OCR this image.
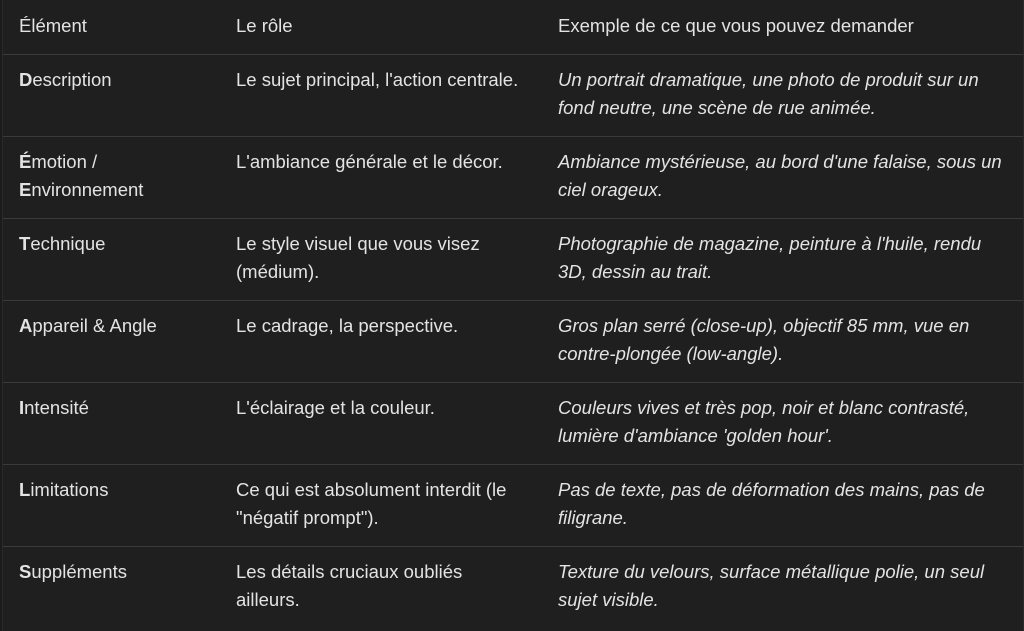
Élément	Le rôle	Exemple de ce que vous pouvez demander

Description	Le sujet principal, l'action centrale.	Un portrait dramatique, une photo de produit sur un fond neutre, une scène de rue animée.

Émotion /
Environnement	L'ambiance générale et le décor.	Ambiance mystérieuse, au bord d'une falaise, sous un ciel orageux.

Technique	Le style visuel que vous visez (médium).	Photographie de magazine, peinture à l'huile, rendu 3D, dessin au trait.

Appareil & Angle	Le cadrage, la perspective.	Gros plan serré (close-up), objectif 85 mm, vue en contre-plongée (low-angle).

Intensité	L'éclairage et la couleur.	Couleurs vives et très pop, noir et blanc contrasté, lumière d'ambiance 'golden hour'.

Limitations	Ce qui est absolument interdit (le "négatif prompt").	Pas de texte, pas de déformation des mains, pas de filigrane.

Suppléments	Les détails cruciaux oubliés ailleurs.	Texture du velours, surface métallique polie, un seul sujet visible.
